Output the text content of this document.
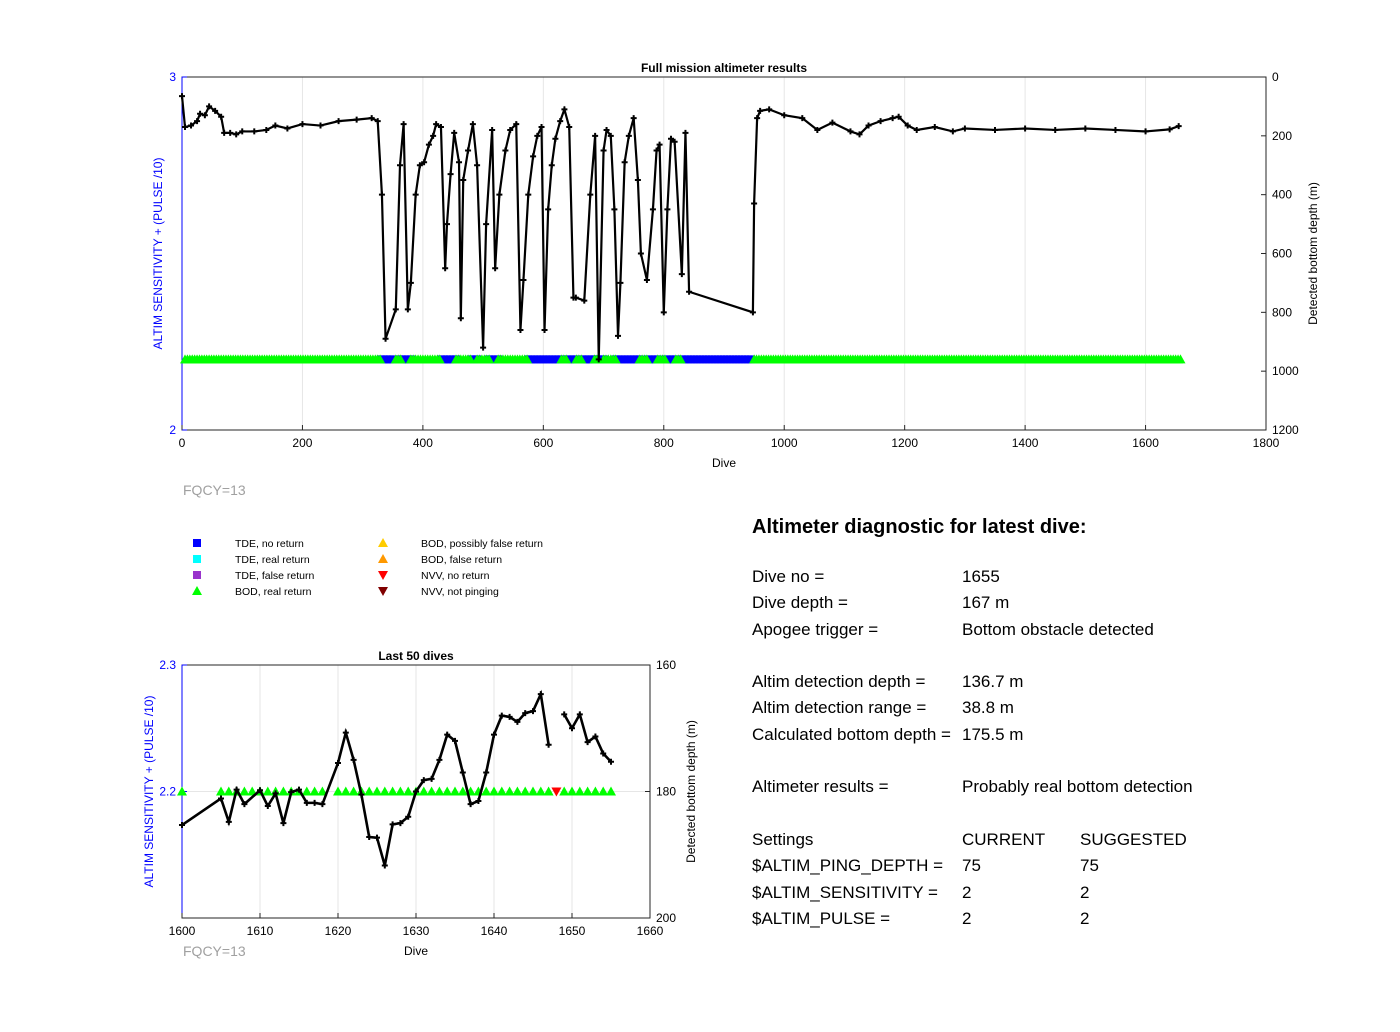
0	200	400	600	800	1000	1200	1400	1600	1800
2
3	0
200
400
600
800
1000
1200
Full mission altimeter results
Dive
ALTIM SENSITIVITY + (PULSE /10)	Detected bottom depth (m)
1600	1610	1620	1630	1640	1650	1660
2.2
2.3	160
180
200
Last 50 dives
Dive
ALTIM SENSITIVITY + (PULSE /10)	Detected bottom depth (m)
TDE, no return
TDE, real return
TDE, false return
BOD, real return
BOD, possibly false return
BOD, false return
NVV, no return
NVV, not pinging
FQCY=13
FQCY=13
Altimeter diagnostic for latest dive:
Dive no =	1655
Dive depth =	167 m
Apogee trigger =	Bottom obstacle detected
Altim detection depth = 136.7 m
Altim detection range = 38.8 m
Calculated bottom depth = 175.5 m
Altimeter results =	Probably real bottom detection
Settings	CURRENT SUGGESTED
$ALTIM_PING_DEPTH = 75	75
$ALTIM_SENSITIVITY = 2	2
$ALTIM_PULSE =	2	2
